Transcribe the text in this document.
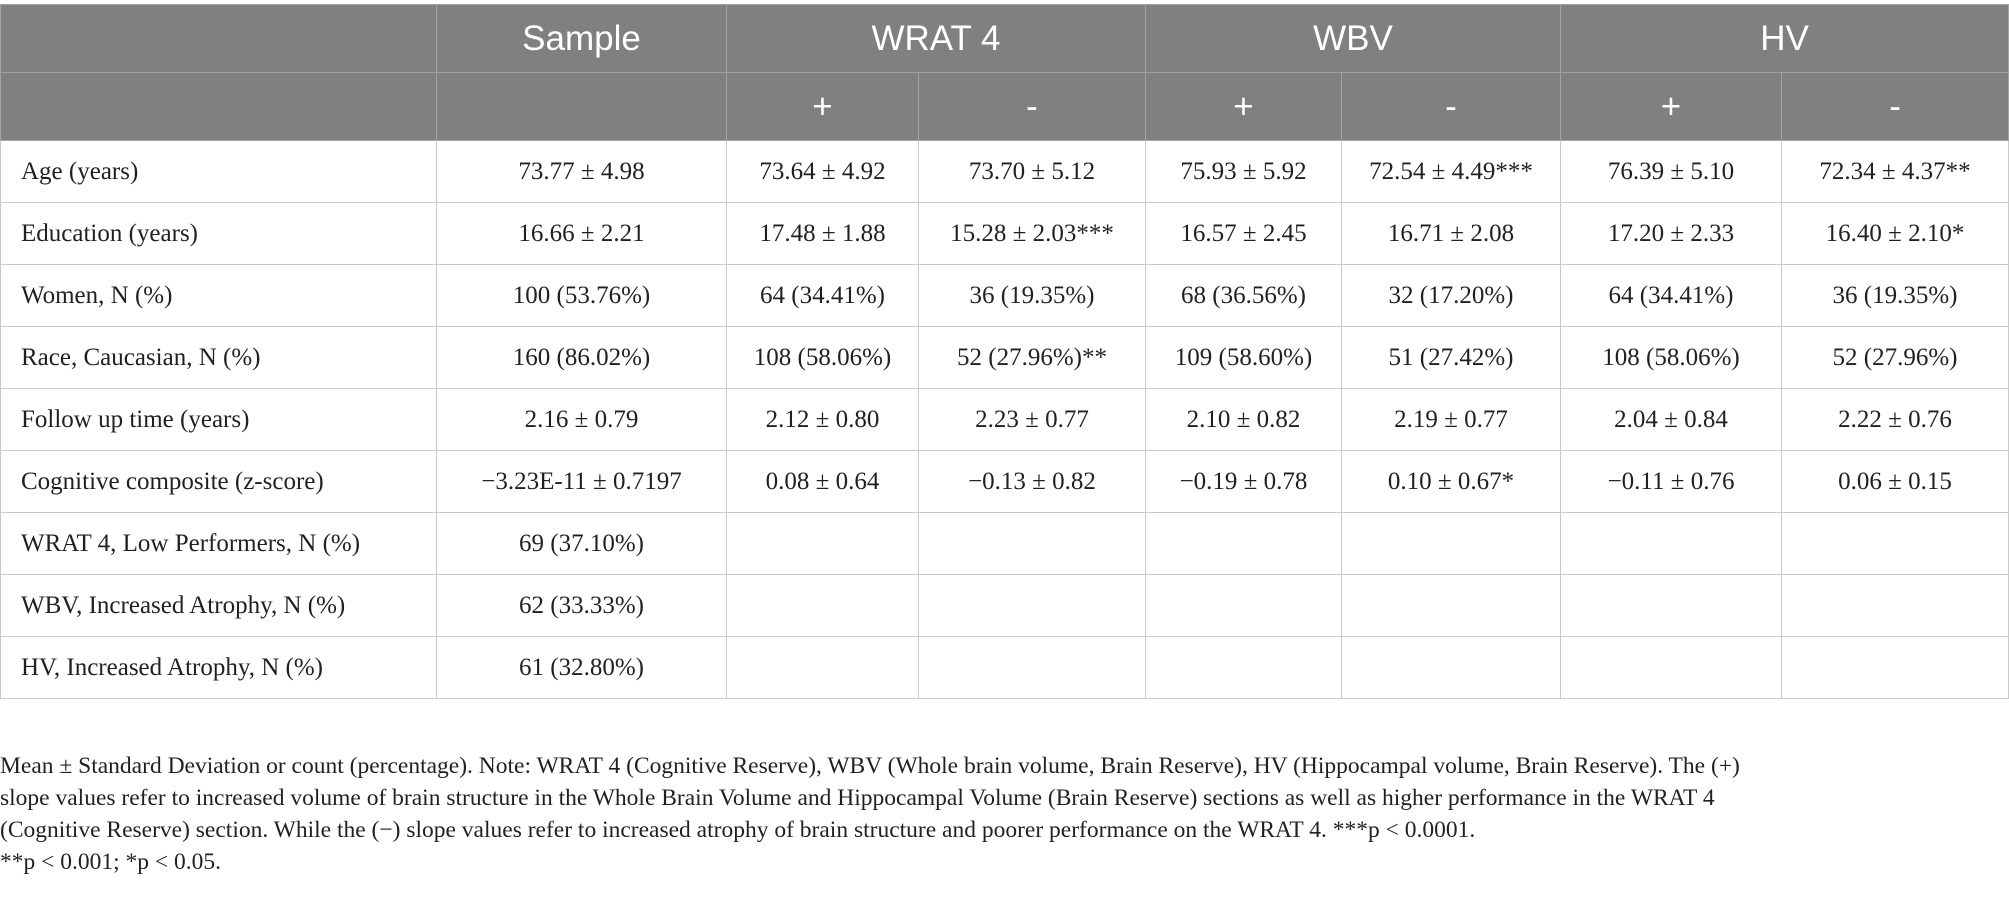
	Sample	WRAT 4		WBV		HV	
		+	-	+	-	+	-
Age (years)	73.77 ± 4.98	73.64 ± 4.92	73.70 ± 5.12	75.93 ± 5.92	72.54 ± 4.49***	76.39 ± 5.10	72.34 ± 4.37**
Education (years)	16.66 ± 2.21	17.48 ± 1.88	15.28 ± 2.03***	16.57 ± 2.45	16.71 ± 2.08	17.20 ± 2.33	16.40 ± 2.10*
Women, N (%)	100 (53.76%)	64 (34.41%)	36 (19.35%)	68 (36.56%)	32 (17.20%)	64 (34.41%)	36 (19.35%)
Race, Caucasian, N (%)	160 (86.02%)	108 (58.06%)	52 (27.96%)**	109 (58.60%)	51 (27.42%)	108 (58.06%)	52 (27.96%)
Follow up time (years)	2.16 ± 0.79	2.12 ± 0.80	2.23 ± 0.77	2.10 ± 0.82	2.19 ± 0.77	2.04 ± 0.84	2.22 ± 0.76
Cognitive composite (z-score)	−3.23E-11 ± 0.7197	0.08 ± 0.64	−0.13 ± 0.82	−0.19 ± 0.78	0.10 ± 0.67*	−0.11 ± 0.76	0.06 ± 0.15
WRAT 4, Low Performers, N (%)	69 (37.10%)						
WBV, Increased Atrophy, N (%)	62 (33.33%)						
HV, Increased Atrophy, N (%)	61 (32.80%)						
Mean ± Standard Deviation or count (percentage). Note: WRAT 4 (Cognitive Reserve), WBV (Whole brain volume, Brain Reserve), HV (Hippocampal volume, Brain Reserve). The (+)
slope values refer to increased volume of brain structure in the Whole Brain Volume and Hippocampal Volume (Brain Reserve) sections as well as higher performance in the WRAT 4
(Cognitive Reserve) section. While the (−) slope values refer to increased atrophy of brain structure and poorer performance on the WRAT 4. ***p < 0.0001.
**p < 0.001; *p < 0.05.
